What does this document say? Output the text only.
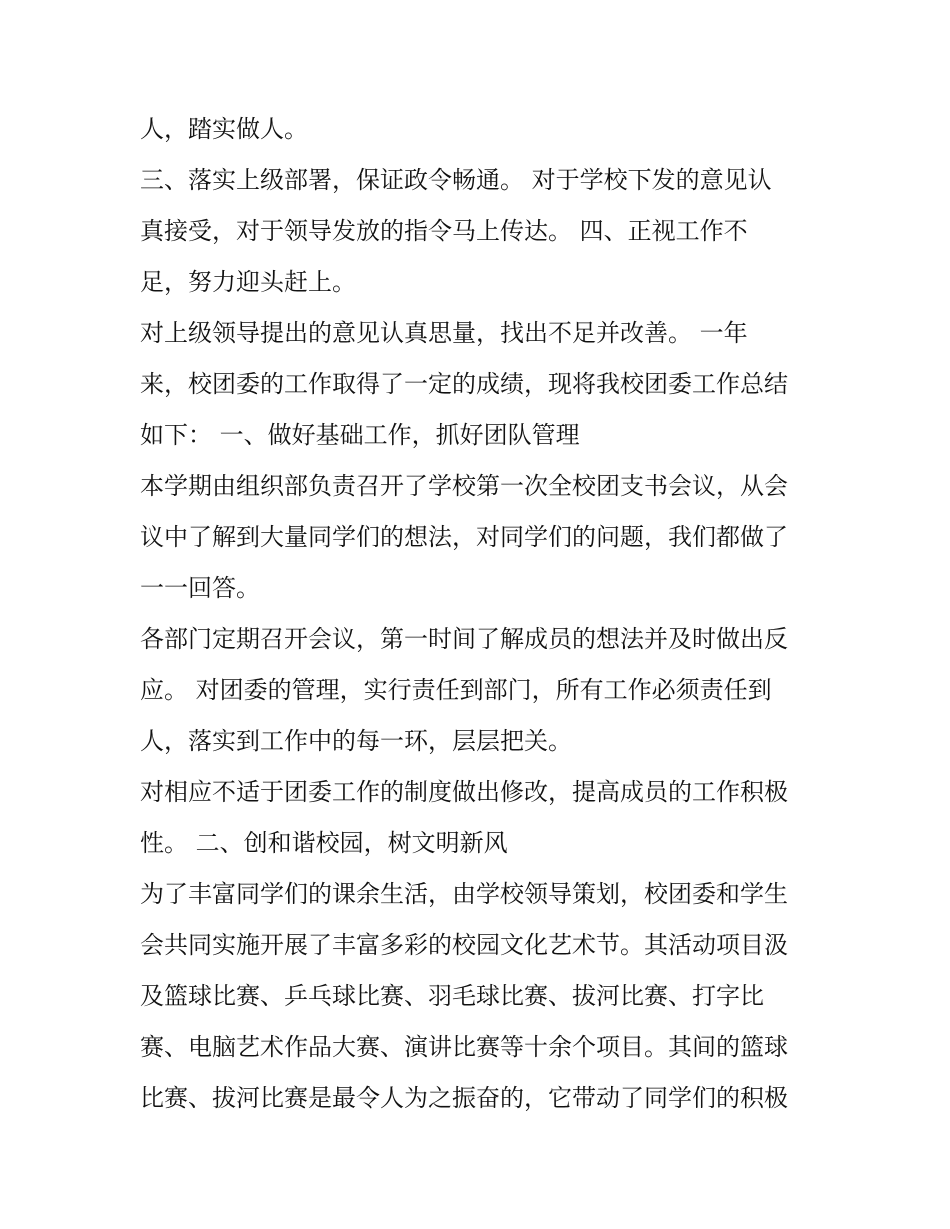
人，踏实做人。

三、落实上级部署，保证政令畅通。 对于学校下发的意见认

真接受，对于领导发放的指令马上传达。 四、正视工作不

足，努力迎头赶上。

对上级领导提出的意见认真思量，找出不足并改善。 一年

来，校团委的工作取得了一定的成绩，现将我校团委工作总结

如下： 一、做好基础工作，抓好团队管理

本学期由组织部负责召开了学校第一次全校团支书会议，从会

议中了解到大量同学们的想法，对同学们的问题，我们都做了

一一回答。

各部门定期召开会议，第一时间了解成员的想法并及时做出反

应。 对团委的管理，实行责任到部门，所有工作必须责任到

人，落实到工作中的每一环，层层把关。

对相应不适于团委工作的制度做出修改，提高成员的工作积极

性。 二、创和谐校园，树文明新风

为了丰富同学们的课余生活，由学校领导策划，校团委和学生

会共同实施开展了丰富多彩的校园文化艺术节。其活动项目汲

及篮球比赛、乒乓球比赛、羽毛球比赛、拔河比赛、打字比

赛、电脑艺术作品大赛、演讲比赛等十余个项目。其间的篮球

比赛、拔河比赛是最令人为之振奋的，它带动了同学们的积极
